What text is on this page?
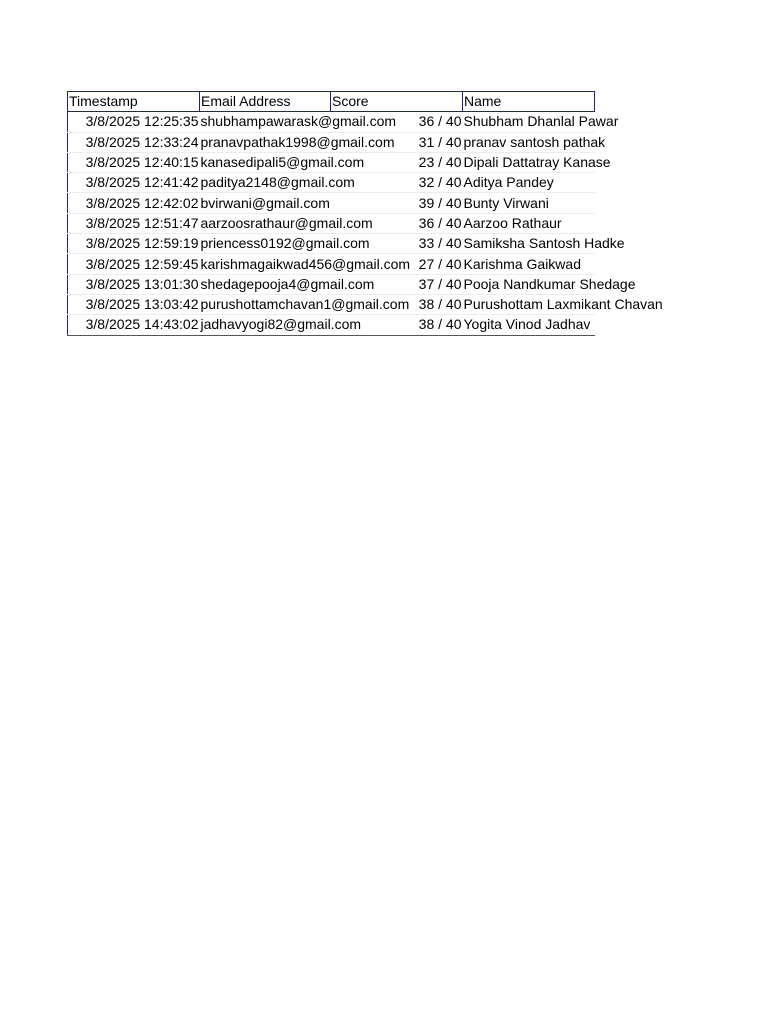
Timestamp	Email Address	Score	Name
3/8/2025 12:25:35	shubhampawarask@gmail.com	36 / 40	Shubham Dhanlal Pawar
3/8/2025 12:33:24	pranavpathak1998@gmail.com	31 / 40	pranav santosh pathak
3/8/2025 12:40:15	kanasedipali5@gmail.com	23 / 40	Dipali Dattatray Kanase
3/8/2025 12:41:42	paditya2148@gmail.com	32 / 40	Aditya Pandey
3/8/2025 12:42:02	bvirwani@gmail.com	39 / 40	Bunty Virwani
3/8/2025 12:51:47	aarzoosrathaur@gmail.com	36 / 40	Aarzoo Rathaur
3/8/2025 12:59:19	priencess0192@gmail.com	33 / 40	Samiksha Santosh Hadke
3/8/2025 12:59:45	karishmagaikwad456@gmail.com	27 / 40	Karishma Gaikwad
3/8/2025 13:01:30	shedagepooja4@gmail.com	37 / 40	Pooja Nandkumar Shedage
3/8/2025 13:03:42	purushottamchavan1@gmail.com	38 / 40	Purushottam Laxmikant Chavan
3/8/2025 14:43:02	jadhavyogi82@gmail.com	38 / 40	Yogita Vinod Jadhav
